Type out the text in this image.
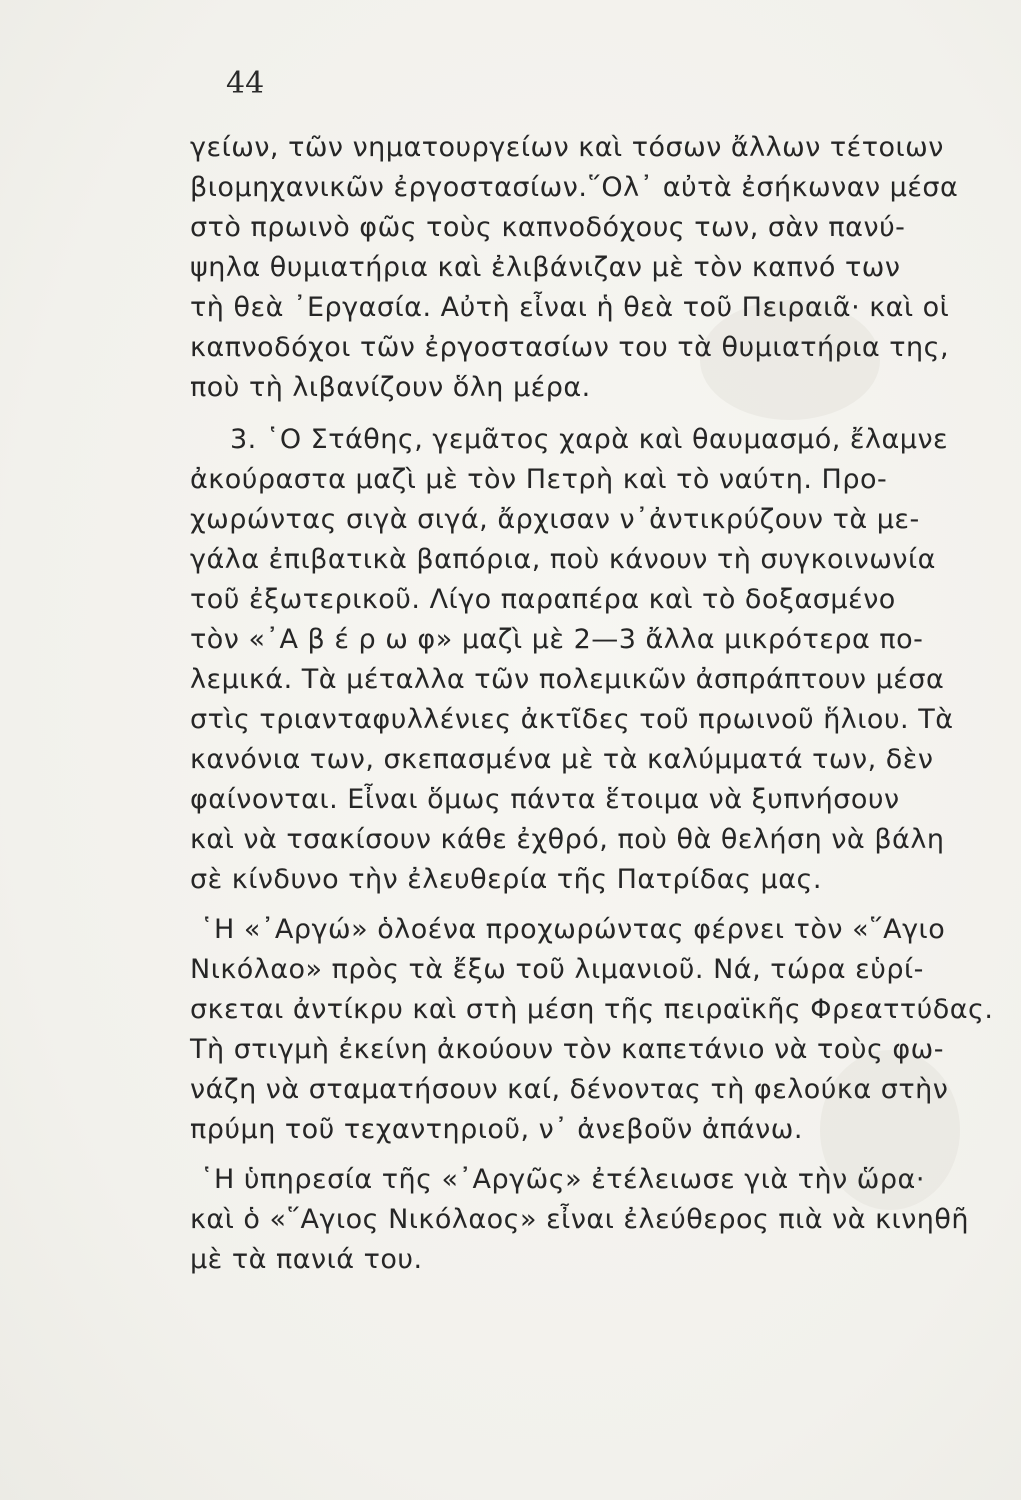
44
γείων, τῶν νηματουργείων καὶ τόσων ἄλλων τέτοιων
βιομηχανικῶν ἐργοστασίων.῞Ολ᾽ αὐτὰ ἐσήκωναν μέσα
στὸ πρωινὸ φῶς τοὺς καπνοδόχους των, σὰν πανύ-
ψηλα θυμιατήρια καὶ ἐλιβάνιζαν μὲ τὸν καπνό των
τὴ θεὰ ᾽Εργασία. Αὐτὴ εἶναι ἡ θεὰ τοῦ Πειραιᾶ· καὶ οἱ
καπνοδόχοι τῶν ἐργοστασίων του τὰ θυμιατήρια της,
ποὺ τὴ λιβανίζουν ὅλη μέρα.
3. ῾Ο Στάθης, γεμᾶτος χαρὰ καὶ θαυμασμό, ἔλαμνε
ἀκούραστα μαζὶ μὲ τὸν Πετρὴ καὶ τὸ ναύτη. Προ-
χωρώντας σιγὰ σιγά, ἄρχισαν ν᾽ἀντικρύζουν τὰ με-
γάλα ἐπιβατικὰ βαπόρια, ποὺ κάνουν τὴ συγκοινωνία
τοῦ ἐξωτερικοῦ. Λίγο παραπέρα καὶ τὸ δοξασμένο
τὸν «᾽Α β έ ρ ω φ» μαζὶ μὲ 2—3 ἄλλα μικρότερα πο-
λεμικά. Τὰ μέταλλα τῶν πολεμικῶν ἀσπράπτουν μέσα
στὶς τριανταφυλλένιες ἀκτῖδες τοῦ πρωινοῦ ἥλιου. Τὰ
κανόνια των, σκεπασμένα μὲ τὰ καλύμματά των, δὲν
φαίνονται. Εἶναι ὅμως πάντα ἕτοιμα νὰ ξυπνήσουν
καὶ νὰ τσακίσουν κάθε ἐχθρό, ποὺ θὰ θελήση νὰ βάλη
σὲ κίνδυνο τὴν ἐλευθερία τῆς Πατρίδας μας.
῾Η «᾽Αργώ» ὁλοένα προχωρώντας φέρνει τὸν «῞Αγιο
Νικόλαο» πρὸς τὰ ἔξω τοῦ λιμανιοῦ. Νά, τώρα εὑρί-
σκεται ἀντίκρυ καὶ στὴ μέση τῆς πειραϊκῆς Φρεαττύδας.
Τὴ στιγμὴ ἐκείνη ἀκούουν τὸν καπετάνιο νὰ τοὺς φω-
νάζη νὰ σταματήσουν καί, δένοντας τὴ φελούκα στὴν
πρύμη τοῦ τεχαντηριοῦ, ν᾽ ἀνεβοῦν ἀπάνω.
῾Η ὑπηρεσία τῆς «᾽Αργῶς» ἐτέλειωσε γιὰ τὴν ὥρα·
καὶ ὁ «῞Αγιος Νικόλαος» εἶναι ἐλεύθερος πιὰ νὰ κινηθῆ
μὲ τὰ πανιά του.
